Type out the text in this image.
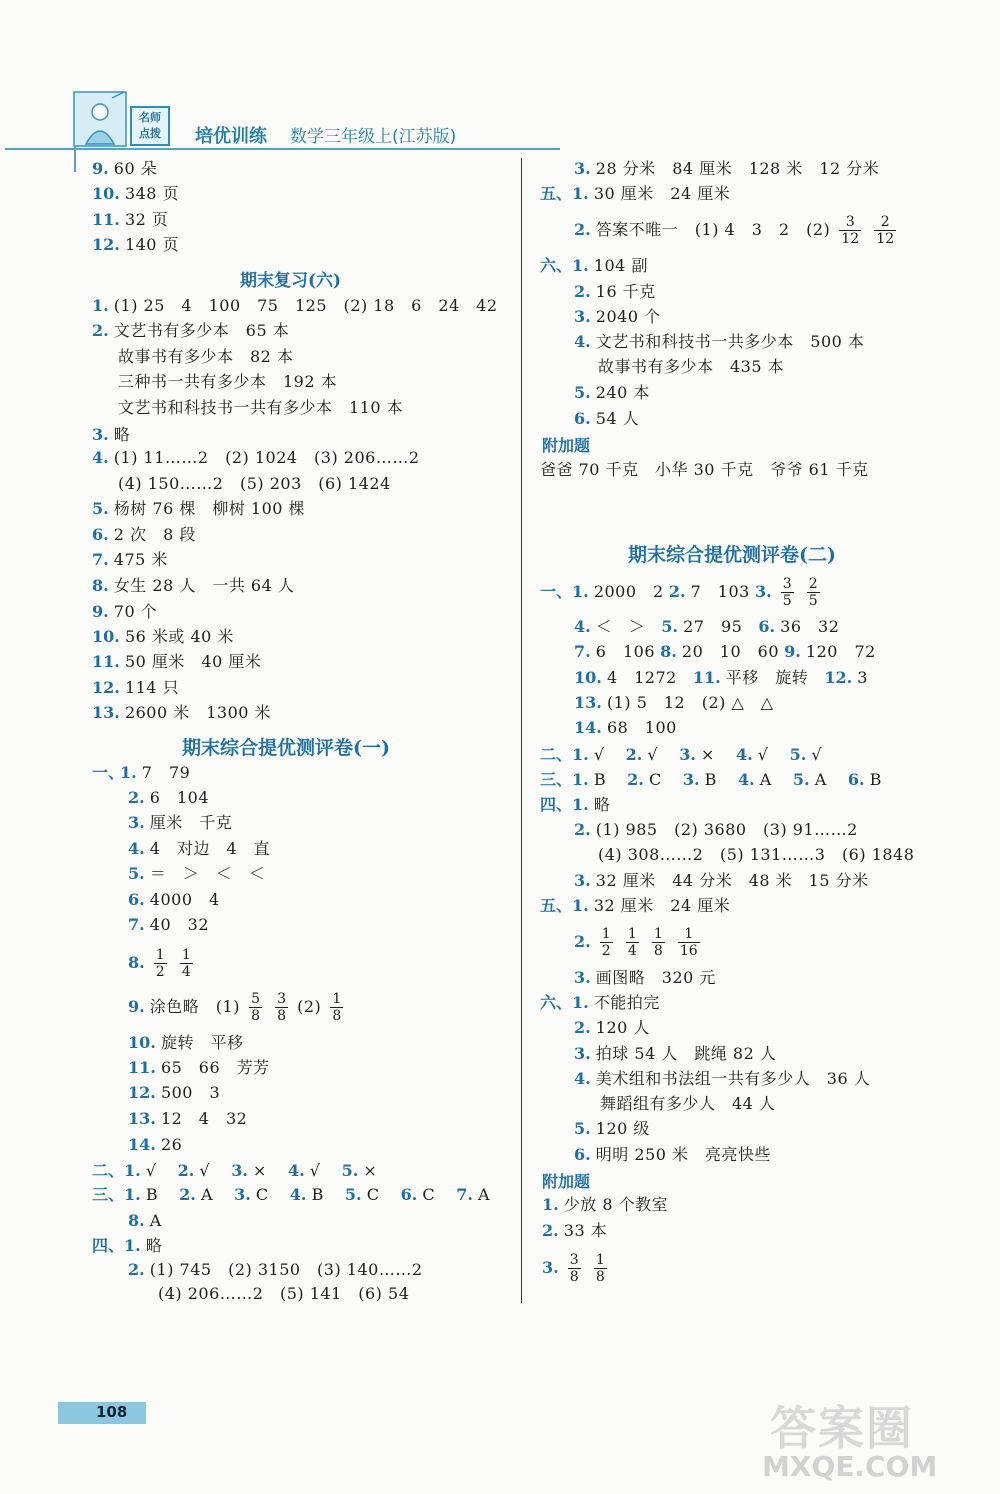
名师
点拨	培优训练 数学三年级上(江苏版)
9. 60 朵
10. 348 页
11. 32 页
12. 140 页
期末复习(六)
1. (1) 25　4　100　75　125　(2) 18　6　24　42
2. 文艺书有多少本　65 本
故事书有多少本　82 本
三种书一共有多少本　192 本
文艺书和科技书一共有多少本　110 本
3. 略
4. (1) 11……2　(2) 1024　(3) 206……2
(4) 150……2　(5) 203　(6) 1424
5. 杨树 76 棵　柳树 100 棵
6. 2 次　8 段
7. 475 米
8. 女生 28 人　一共 64 人
9. 70 个
10. 56 米或 40 米
11. 50 厘米　40 厘米
12. 114 只
13. 2600 米　1300 米
期末综合提优测评卷(一)
一、
1. 7　79
2. 6　104
3. 厘米　千克
4. 4　对边　4　直
5. ＝　＞　＜　＜
6. 4000　4
7. 40　32
8. $\frac{1}{2}$
$\frac{1}{4}$
9. 涂色略　$(1) \frac{5}{8}$
$\frac{3}{8} (2) \frac{1}{8}$
10. 旋转　平移
11. 65　66　芳芳
12. 500　3
13. 12　4　32
14. 26
二、1. √　 2. √　 3. ×　 4. √　 5. ×
三、1. B　 2. A　 3. C　 4. B　 5. C　 6. C　 7. A
8. A
四、1. 略
2. (1) 745　(2) 3150　(3) 140……2
(4) 206……2　(5) 141　(6) 54
3. 28 分米　84 厘米　128 米　12 分米
五、1. 30 厘米　24 厘米
2. 答案不唯一　(1) 4　3　2　$(2) \frac{3}{12}$
$\frac{2}{12}$
六、1. 104 副
2. 16 千克
3. 2040 个
4. 文艺书和科技书一共多少本　500 本
故事书有多少本　435 本
5. 240 本
6. 54 人
附加题
爸爸 70 千克　小华 30 千克　爷爷 61 千克
期末综合提优测评卷(二)
一、1. 2000　2 2. 7　103 3. $\frac{3}{5}$
$\frac{2}{5}$
4. ＜　＞　 5. 27　95　 6. 36　32
7. 6　106 8. 20　10　60 9. 120　72
10. 4　1272　 11. 平移　旋转　 12. 3
13. (1) 5　12　(2) △　△
14. 68　100
二、1. √　 2. √　 3. ×　 4. √　 5. √
三、1. B　 2. C　 3. B　 4. A　 5. A　 6. B
四、1. 略
2. (1) 985　(2) 3680　(3) 91……2
(4) 308……2　(5) 131……3　(6) 1848
3. 32 厘米　44 分米　48 米　15 分米
五、1. 32 厘米　24 厘米
2. $\frac{1}{2}$
$\frac{1}{4}$
$\frac{1}{8}$
$\frac{1}{16}$
3. 画图略　320 元
六、1. 不能拍完
2. 120 人
3. 拍球 54 人　跳绳 82 人
4. 美术组和书法组一共有多少人　36 人
舞蹈组有多少人　44 人
5. 120 级
6. 明明 250 米　亮亮快些
附加题
1. 少放 8 个教室
2. 33 本
3. $\frac{3}{8}$
$\frac{1}{8}$
108	答案圈
MXQE.COM
